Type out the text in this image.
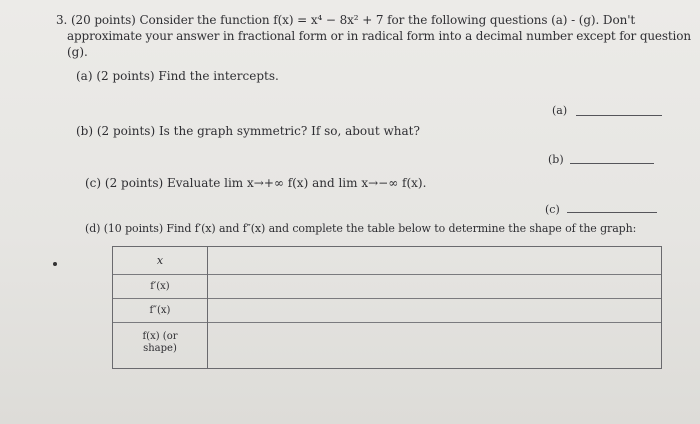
3. (20 points) Consider the function f(x) = x⁴ − 8x² + 7 for the following questions (a) - (g). Don't
approximate your answer in fractional form or in radical form into a decimal number except for question
(g).
(a) (2 points) Find the intercepts.
(a)
(b) (2 points) Is the graph symmetric? If so, about what?
(b)
(c) (2 points) Evaluate lim x→+∞ f(x) and lim x→−∞ f(x).
(c)
(d) (10 points) Find f′(x) and f″(x) and complete the table below to determine the shape of the graph:
x
f′(x)
f″(x)
f(x) (or
shape)
